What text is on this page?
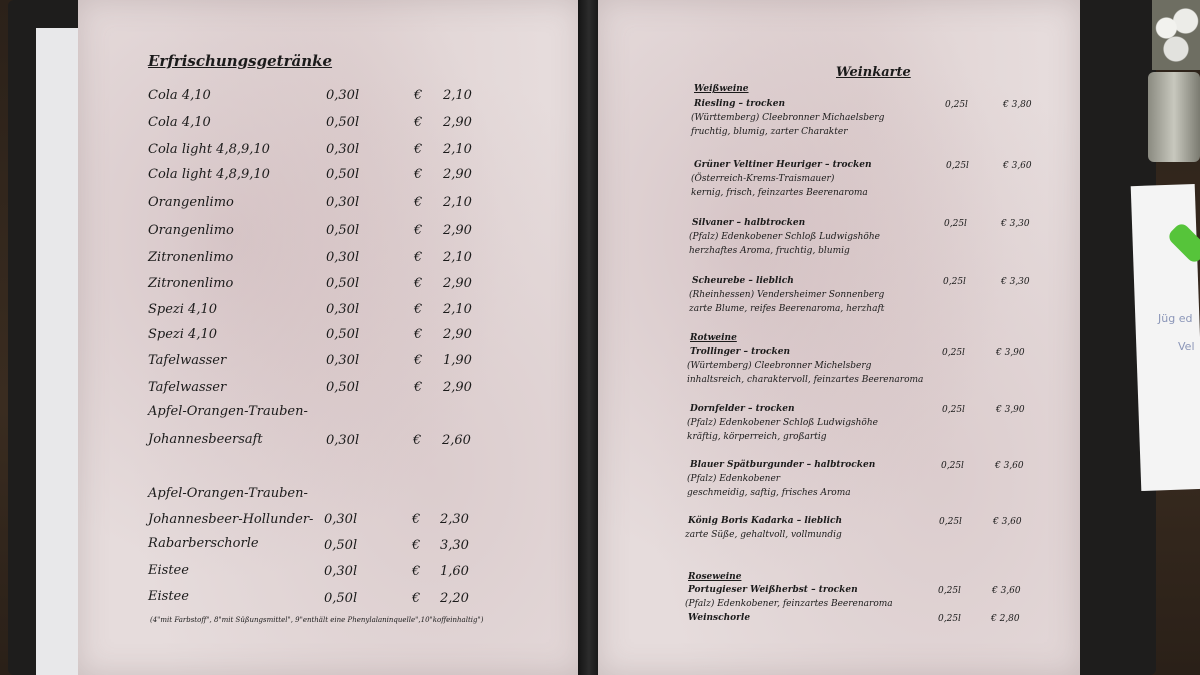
Jüg ed
Vel
Erfrischungsgetränke
Cola 4,10	0,30l	€ 2,10
Cola 4,10	0,50l	€ 2,90
Cola light 4,8,9,10	0,30l	€ 2,10
Cola light 4,8,9,10	0,50l	€ 2,90
Orangenlimo	0,30l	€ 2,10
Orangenlimo	0,50l	€ 2,90
Zitronenlimo	0,30l	€ 2,10
Zitronenlimo	0,50l	€ 2,90
Spezi 4,10	0,30l	€ 2,10
Spezi 4,10	0,50l	€ 2,90
Tafelwasser	0,30l	€ 1,90
Tafelwasser	0,50l	€ 2,90
Apfel-Orangen-Trauben-
Johannesbeersaft	0,30l	€ 2,60
Apfel-Orangen-Trauben-
Johannesbeer-Hollunder- 0,30l	€ 2,30
Rabarberschorle	0,50l	€ 3,30
Eistee	0,30l	€ 1,60
Eistee	0,50l	€ 2,20
(4"mit Farbstoff", 8"mit Süßungsmittel", 9"enthält eine Phenylalaninquelle",10"koffeinhaltig")
Weinkarte
Weißweine
Rotweine
Roseweine
Riesling – trocken
(Württemberg) Cleebronner Michaelsberg
fruchtig, blumig, zarter Charakter
0,25l	€ 3,80
Grüner Veltiner Heuriger – trocken
(Österreich-Krems-Traismauer)
kernig, frisch, feinzartes Beerenaroma
0,25l	€ 3,60
Silvaner – halbtrocken
(Pfalz) Edenkobener Schloß Ludwigshöhe
herzhaftes Aroma, fruchtig, blumig
0,25l	€ 3,30
Scheurebe – lieblich
(Rheinhessen) Vendersheimer Sonnenberg
zarte Blume, reifes Beerenaroma, herzhaft
0,25l	€ 3,30
Trollinger – trocken
(Würtemberg) Cleebronner Michelsberg
inhaltsreich, charaktervoll, feinzartes Beerenaroma
0,25l	€ 3,90
Dornfelder – trocken
(Pfalz) Edenkobener Schloß Ludwigshöhe
kräftig, körperreich, großartig
0,25l	€ 3,90
Blauer Spätburgunder – halbtrocken
(Pfalz) Edenkobener
geschmeidig, saftig, frisches Aroma
0,25l	€ 3,60
König Boris Kadarka – lieblich
zarte Süße, gehaltvoll, vollmundig
0,25l	€ 3,60
Portugieser Weißherbst – trocken
(Pfalz) Edenkobener, feinzartes Beerenaroma
0,25l	€ 3,60
Weinschorle	0,25l	€ 2,80
